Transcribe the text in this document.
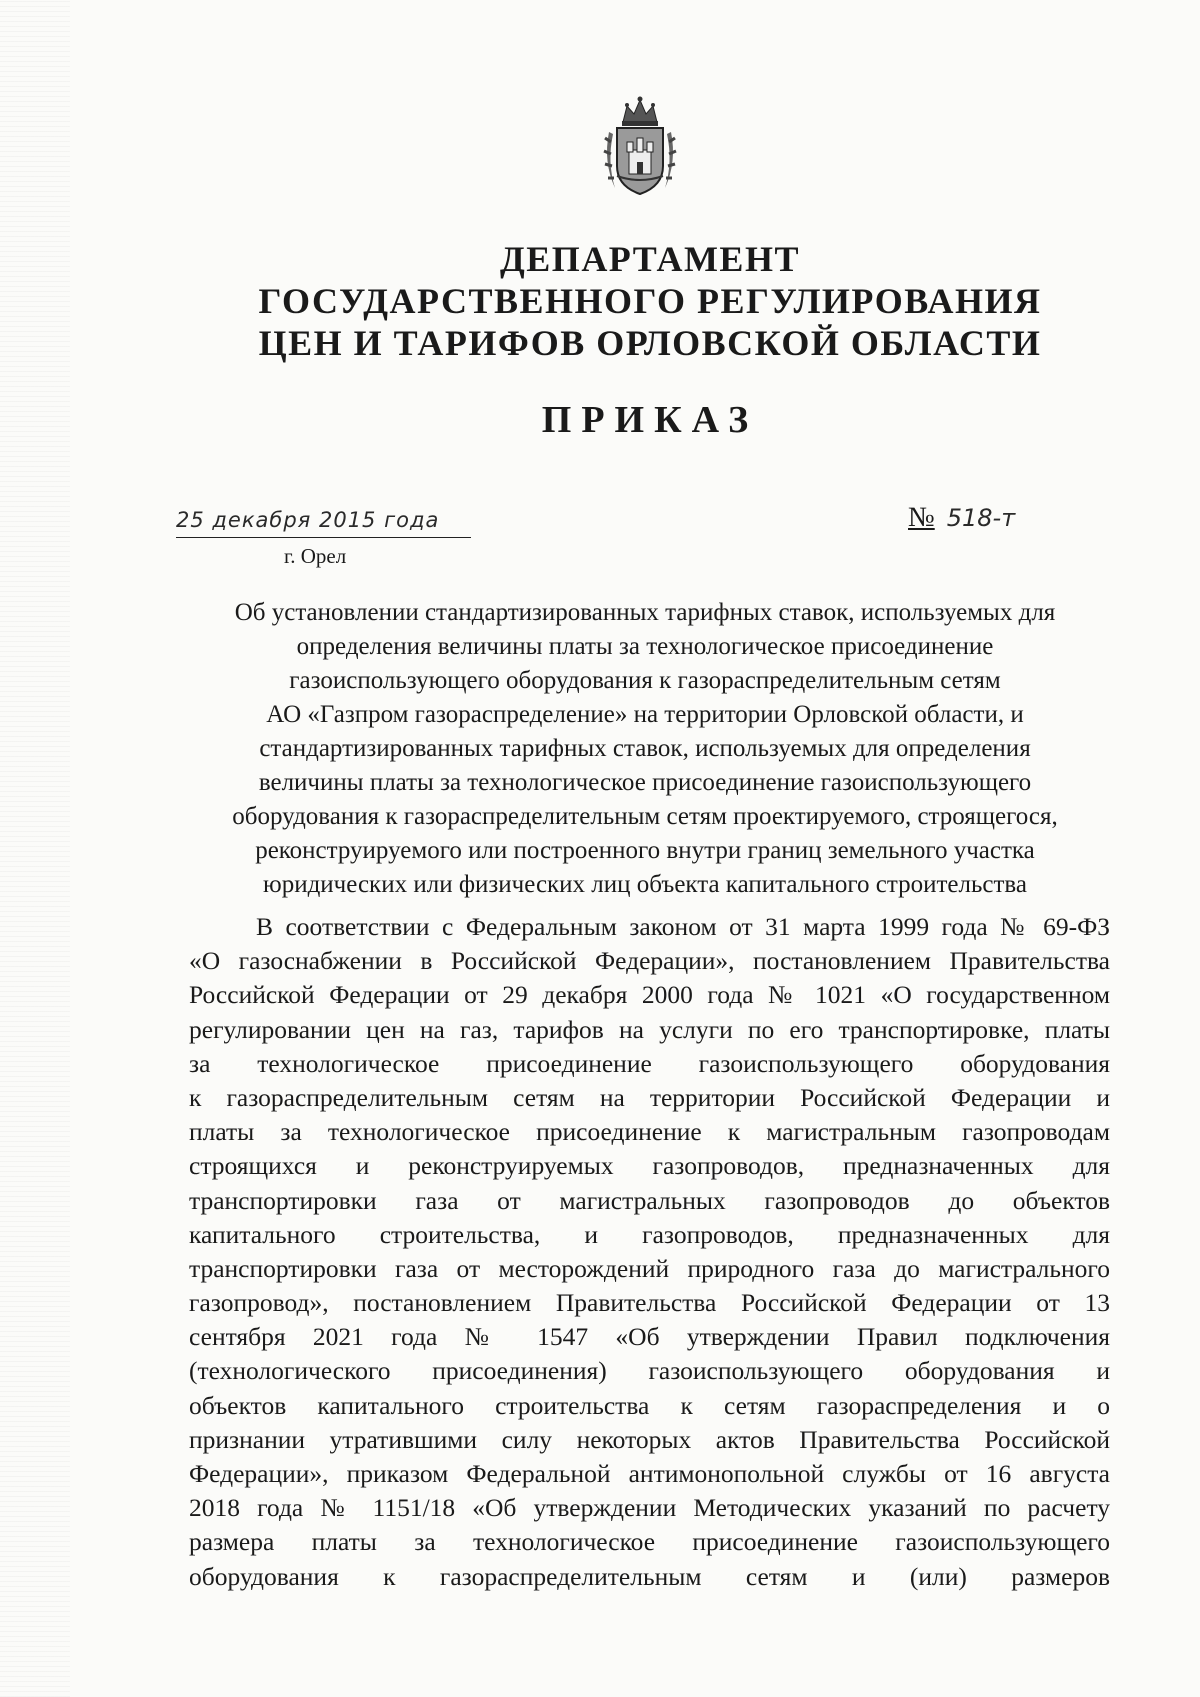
ДЕПАРТАМЕНТ
ГОСУДАРСТВЕННОГО РЕГУЛИРОВАНИЯ
ЦЕН И ТАРИФОВ ОРЛОВСКОЙ ОБЛАСТИ
ПРИКАЗ
25 декабря 2015 года
г. Орел
№ 518-т
Об установлении стандартизированных тарифных ставок, используемых для
определения величины платы за технологическое присоединение
газоиспользующего оборудования к газораспределительным сетям
АО «Газпром газораспределение» на территории Орловской области, и
стандартизированных тарифных ставок, используемых для определения
величины платы за технологическое присоединение газоиспользующего
оборудования к газораспределительным сетям проектируемого, строящегося,
реконструируемого или построенного внутри границ земельного участка
юридических или физических лиц объекта капитального строительства
В соответствии с Федеральным законом от 31 марта 1999 года № 69-ФЗ
«О газоснабжении в Российской Федерации», постановлением Правительства
Российской Федерации от 29 декабря 2000 года № 1021 «О государственном
регулировании цен на газ, тарифов на услуги по его транспортировке, платы
за технологическое присоединение газоиспользующего оборудования
к газораспределительным сетям на территории Российской Федерации и
платы за технологическое присоединение к магистральным газопроводам
строящихся и реконструируемых газопроводов, предназначенных для
транспортировки газа от магистральных газопроводов до объектов
капитального строительства, и газопроводов, предназначенных для
транспортировки газа от месторождений природного газа до магистрального
газопровод», постановлением Правительства Российской Федерации от 13
сентября 2021 года № 1547 «Об утверждении Правил подключения
(технологического присоединения) газоиспользующего оборудования и
объектов капитального строительства к сетям газораспределения и о
признании утратившими силу некоторых актов Правительства Российской
Федерации», приказом Федеральной антимонопольной службы от 16 августа
2018 года № 1151/18 «Об утверждении Методических указаний по расчету
размера платы за технологическое присоединение газоиспользующего
оборудования к газораспределительным сетям и (или) размеров
